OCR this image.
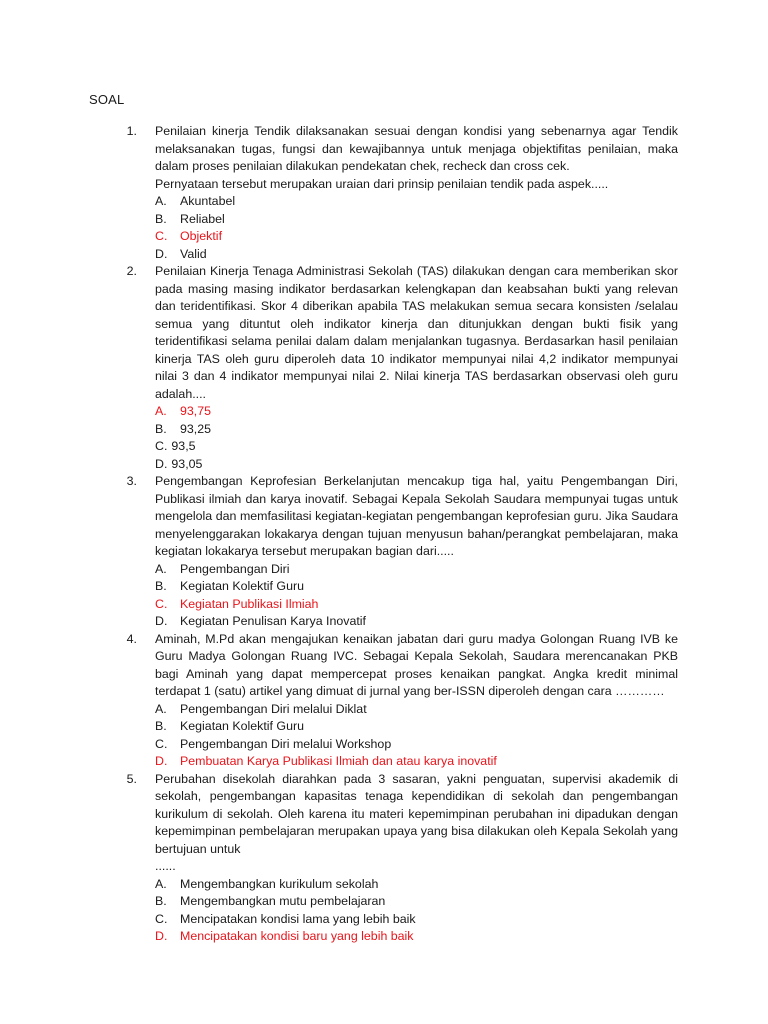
SOAL
1.	Penilaian kinerja Tendik dilaksanakan sesuai dengan kondisi yang sebenarnya agar Tendik melaksanakan tugas, fungsi dan kewajibannya untuk menjaga objektifitas penilaian, maka dalam proses penilaian dilakukan pendekatan chek, recheck dan cross cek.
Pernyataan tersebut merupakan uraian dari prinsip penilaian tendik pada aspek.....
A.	Akuntabel
B.	Reliabel
C.	Objektif
D.	Valid
2.	Penilaian Kinerja Tenaga Administrasi Sekolah (TAS) dilakukan dengan cara memberikan skor pada masing masing indikator berdasarkan kelengkapan dan keabsahan bukti yang relevan dan teridentifikasi. Skor 4 diberikan apabila TAS melakukan semua secara konsisten /selalau semua yang dituntut oleh indikator kinerja dan ditunjukkan dengan bukti fisik yang teridentifikasi selama penilai dalam dalam menjalankan tugasnya. Berdasarkan hasil penilaian kinerja TAS oleh guru diperoleh data 10 indikator mempunyai nilai 4,2 indikator mempunyai nilai 3 dan 4 indikator mempunyai nilai 2. Nilai kinerja TAS berdasarkan observasi oleh guru adalah....
A.	93,75
B.	93,25
C. 93,5
D. 93,05
3.	Pengembangan Keprofesian Berkelanjutan mencakup tiga hal, yaitu Pengembangan Diri, Publikasi ilmiah dan karya inovatif. Sebagai Kepala Sekolah Saudara mempunyai tugas untuk mengelola dan memfasilitasi kegiatan-kegiatan pengembangan keprofesian guru. Jika Saudara menyelenggarakan lokakarya dengan tujuan menyusun bahan/perangkat pembelajaran, maka kegiatan lokakarya tersebut merupakan bagian dari.....
A.	Pengembangan Diri
B.	Kegiatan Kolektif Guru
C.	Kegiatan Publikasi Ilmiah
D.	Kegiatan Penulisan Karya Inovatif
4.	Aminah, M.Pd akan mengajukan kenaikan jabatan dari guru madya Golongan Ruang IVB ke Guru Madya Golongan Ruang IVC. Sebagai Kepala Sekolah, Saudara merencanakan PKB bagi Aminah yang dapat mempercepat proses kenaikan pangkat. Angka kredit minimal terdapat 1 (satu) artikel yang dimuat di jurnal yang ber-ISSN diperoleh dengan cara …………
A.	Pengembangan Diri melalui Diklat
B.	Kegiatan Kolektif Guru
C.	Pengembangan Diri melalui Workshop
D.	Pembuatan Karya Publikasi Ilmiah dan atau karya inovatif
5.	Perubahan disekolah diarahkan pada 3 sasaran, yakni penguatan, supervisi akademik di sekolah, pengembangan kapasitas tenaga kependidikan di sekolah dan pengembangan kurikulum di sekolah. Oleh karena itu materi kepemimpinan perubahan ini dipadukan dengan kepemimpinan pembelajaran merupakan upaya yang bisa dilakukan oleh Kepala Sekolah yang bertujuan untuk
......
A.	Mengembangkan kurikulum sekolah
B.	Mengembangkan mutu pembelajaran
C.	Mencipatakan kondisi lama yang lebih baik
D.	Mencipatakan kondisi baru yang lebih baik
